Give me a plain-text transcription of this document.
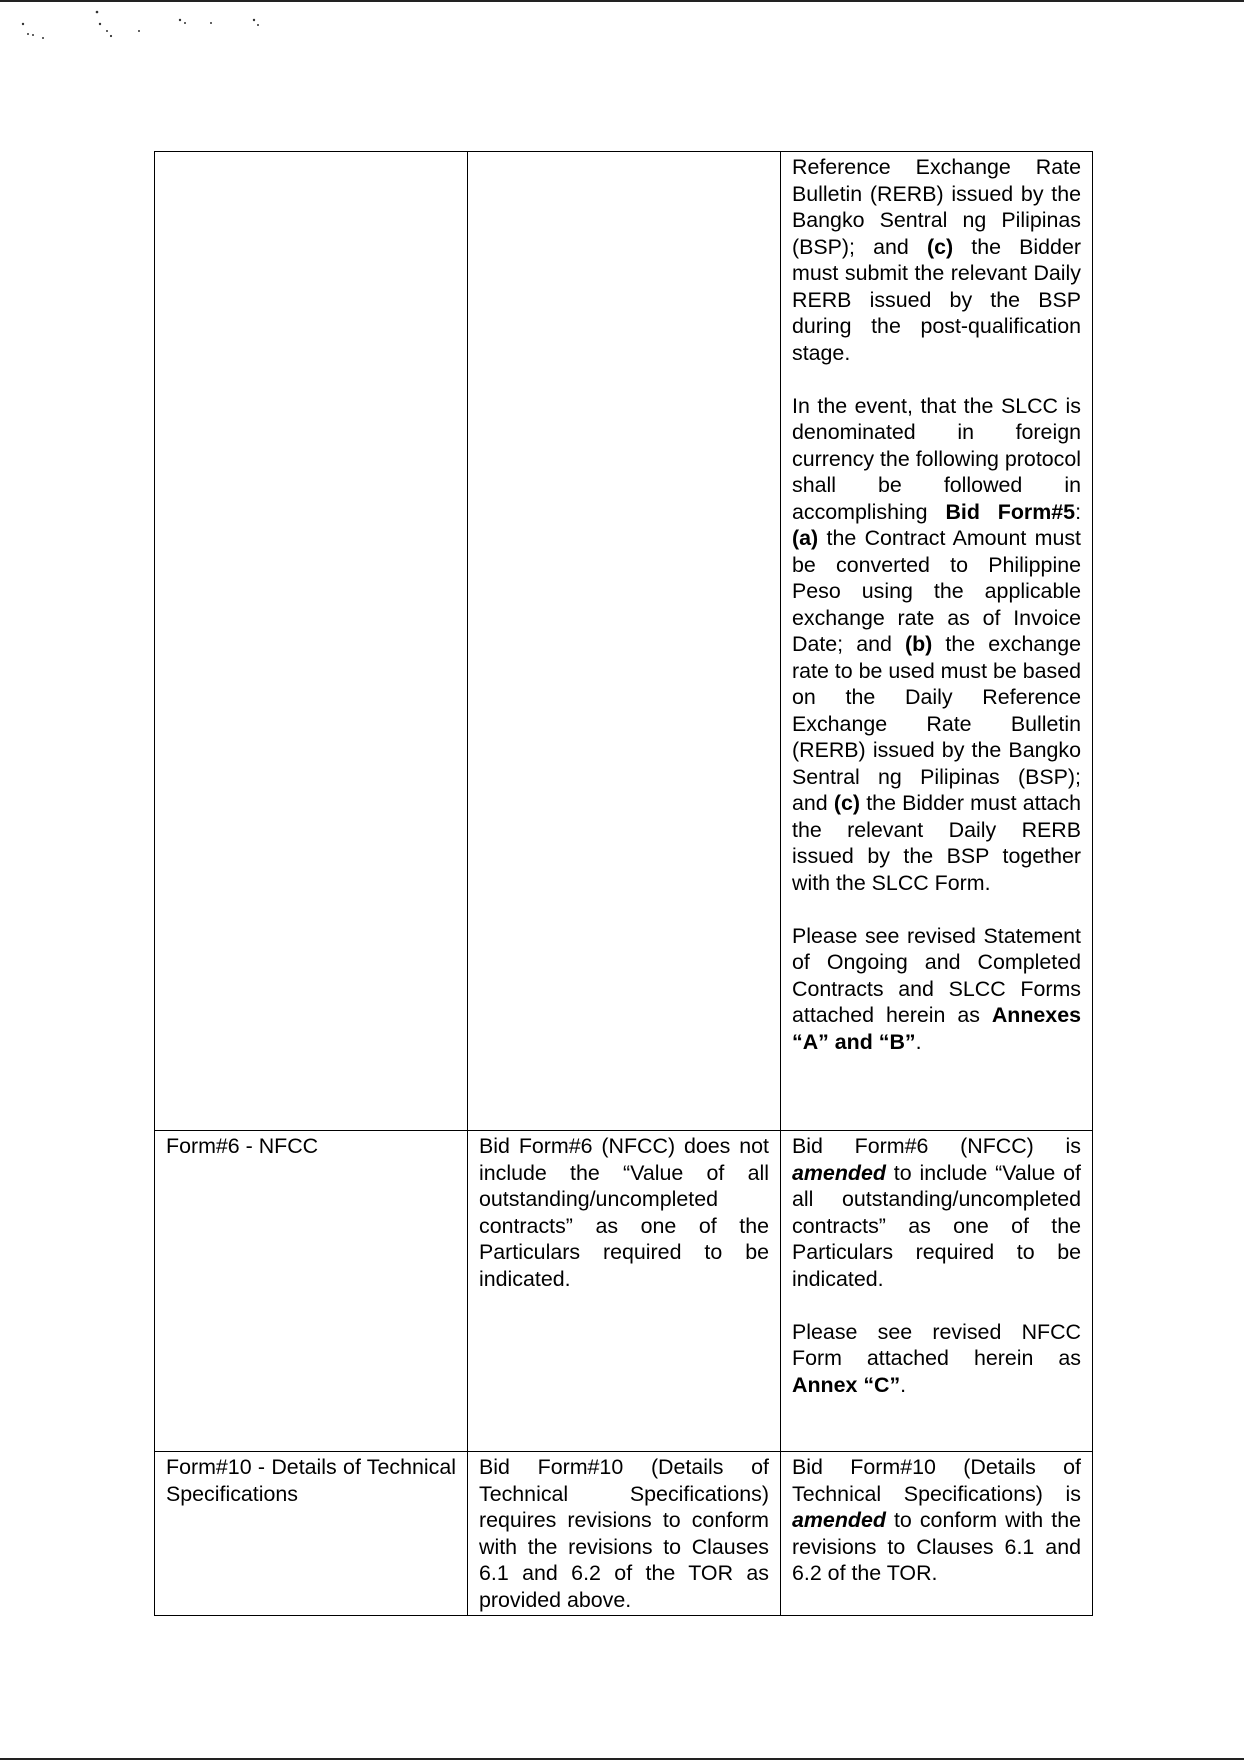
		Reference Exchange Rate Bulletin (RERB) issued by the Bangko Sentral ng Pilipinas (BSP); and (c) the Bidder must submit the relevant Daily RERB issued by the BSP during the post-qualification stage.

In the event, that the SLCC is denominated in foreign currency the following protocol shall be followed in accomplishing Bid Form#5: (a) the Contract Amount must be converted to Philippine Peso using the applicable exchange rate as of Invoice Date; and (b) the exchange rate to be used must be based on the Daily Reference Exchange Rate Bulletin (RERB) issued by the Bangko Sentral ng Pilipinas (BSP); and (c) the Bidder must attach the relevant Daily RERB issued by the BSP together with the SLCC Form.

Please see revised Statement of Ongoing and Completed Contracts and SLCC Forms attached herein as Annexes “A” and “B”.

Form#6 - NFCC	Bid Form#6 (NFCC) does not include the “Value of all outstanding/uncompleted contracts” as one of the Particulars required to be indicated.	Bid Form#6 (NFCC) is amended to include “Value of all outstanding/uncompleted contracts” as one of the Particulars required to be indicated.

Please see revised NFCC Form attached herein as Annex “C”.

Form#10 - Details of Technical Specifications	Bid Form#10 (Details of Technical Specifications) requires revisions to conform with the revisions to Clauses 6.1 and 6.2 of the TOR as provided above.	Bid Form#10 (Details of Technical Specifications) is amended to conform with the revisions to Clauses 6.1 and 6.2 of the TOR.
